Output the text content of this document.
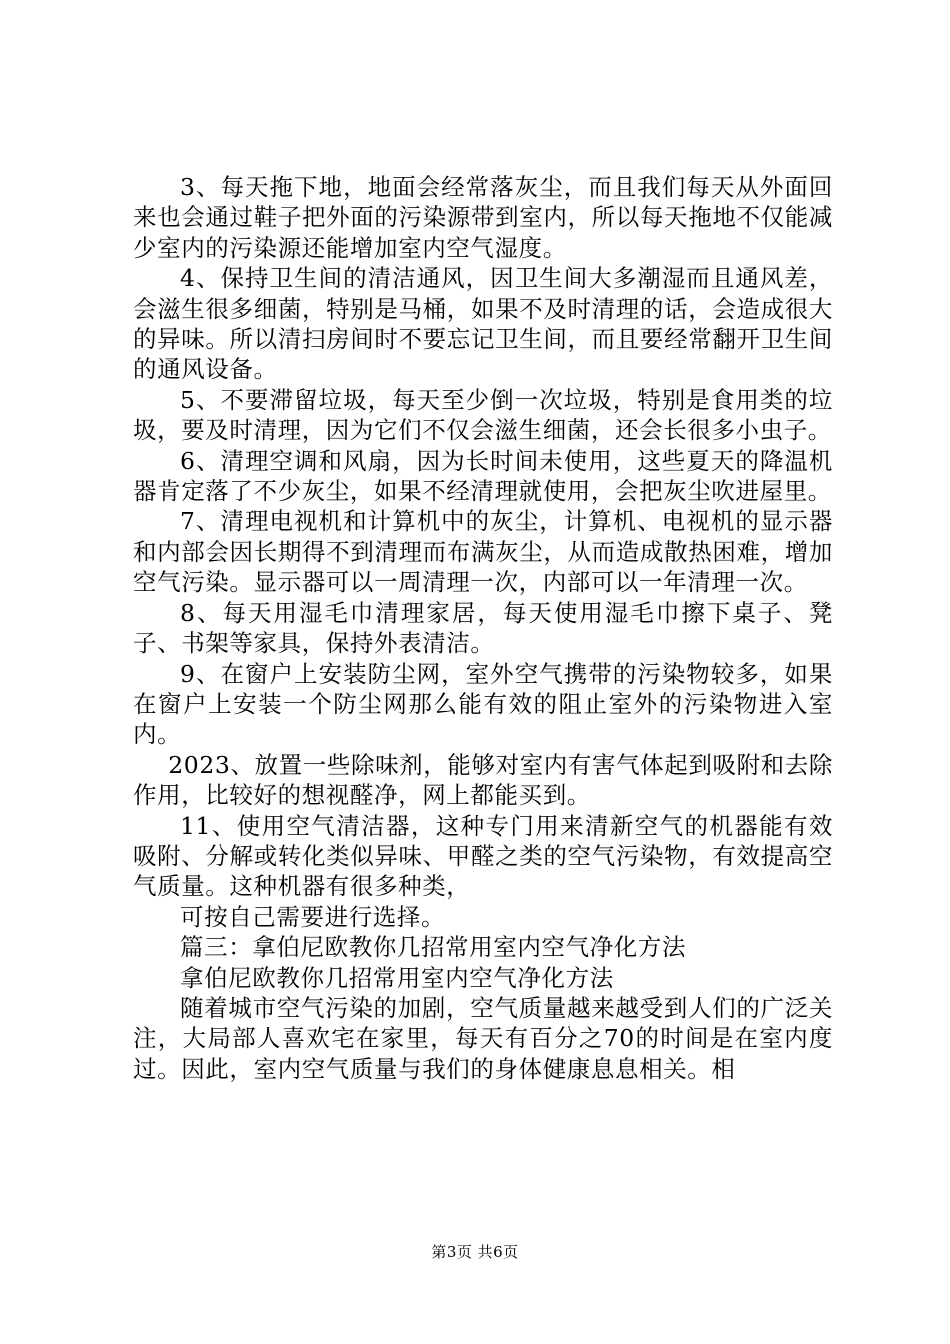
3、每天拖下地，地面会经常落灰尘，而且我们每天从外面回来也会通过鞋子把外面的污染源带到室内，所以每天拖地不仅能减少室内的污染源还能增加室内空气湿度。

4、保持卫生间的清洁通风，因卫生间大多潮湿而且通风差，会滋生很多细菌，特别是马桶，如果不及时清理的话，会造成很大的异味。所以清扫房间时不要忘记卫生间，而且要经常翻开卫生间的通风设备。

5、不要滞留垃圾，每天至少倒一次垃圾，特别是食用类的垃圾，要及时清理，因为它们不仅会滋生细菌，还会长很多小虫子。

6、清理空调和风扇，因为长时间未使用，这些夏天的降温机器肯定落了不少灰尘，如果不经清理就使用，会把灰尘吹进屋里。

7、清理电视机和计算机中的灰尘，计算机、电视机的显示器和内部会因长期得不到清理而布满灰尘，从而造成散热困难，增加空气污染。显示器可以一周清理一次，内部可以一年清理一次。

8、每天用湿毛巾清理家居，每天使用湿毛巾擦下桌子、凳子、书架等家具，保持外表清洁。

9、在窗户上安装防尘网，室外空气携带的污染物较多，如果在窗户上安装一个防尘网那么能有效的阻止室外的污染物进入室内。

2023、放置一些除味剂，能够对室内有害气体起到吸附和去除作用，比较好的想视醛净，网上都能买到。

11、使用空气清洁器，这种专门用来清新空气的机器能有效吸附、分解或转化类似异味、甲醛之类的空气污染物，有效提高空气质量。这种机器有很多种类，

可按自己需要进行选择。

篇三：拿伯尼欧教你几招常用室内空气净化方法

拿伯尼欧教你几招常用室内空气净化方法

随着城市空气污染的加剧，空气质量越来越受到人们的广泛关注，大局部人喜欢宅在家里，每天有百分之70的时间是在室内度过。因此，室内空气质量与我们的身体健康息息相关。相

第3页 共6页
